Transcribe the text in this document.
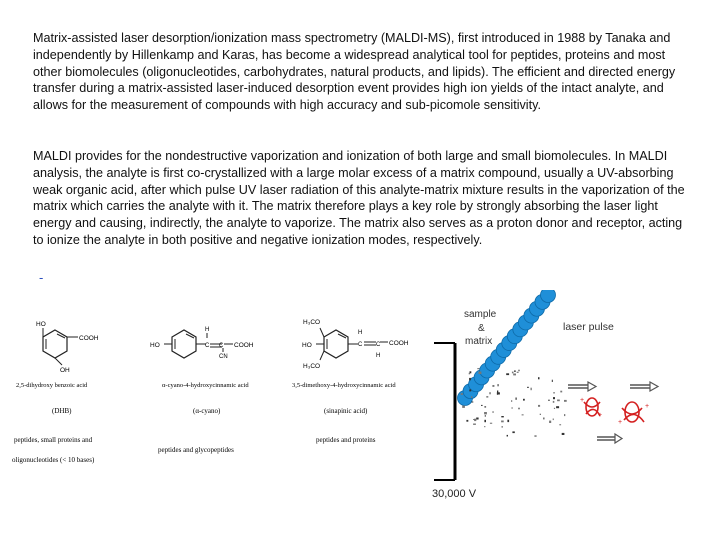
Matrix-assisted laser desorption/ionization mass spectrometry (MALDI-MS), first introduced in 1988 by Tanaka and independently by Hillenkamp and Karas, has become a widespread analytical tool for peptides, proteins and most other biomolecules (oligonucleotides, carbohydrates, natural products, and lipids). The efficient and directed energy transfer during a matrix-assisted laser-induced desorption event provides high ion yields of the intact analyte, and allows for the measurement of compounds with high accuracy and sub-picomole sensitivity.

MALDI provides for the nondestructive vaporization and ionization of both large and small biomolecules. In MALDI analysis, the analyte is first co-crystallized with a large molar excess of a matrix compound, usually a UV-absorbing weak organic acid, after which pulse UV laser radiation of this analyte-matrix mixture results in the vaporization of the matrix which carries the analyte with it. The matrix therefore plays a key role by strongly absorbing the laser light energy and causing, indirectly, the analyte to vaporize. The matrix also serves as a proton donor and receptor, acting to ionize the analyte in both positive and negative ionization modes, respectively.

-
HO
COOH
OH
2,5-dihydroxy benzoic acid
(DHB)
peptides, small proteins and
oligonucleotides (< 10 bases)
HO
H
C C
CN
COOH
α-cyano-4-hydroxycinnamic acid
(α-cyano)
peptides and glycopeptides
H₃CO
HO
H₃CO
H
C C
H
COOH
3,5-dimethoxy-4-hydroxycinnamic acid
(sinapinic acid)
peptides and proteins
sample
&
matrix
laser pulse
30,000 V
+
+
+
+
